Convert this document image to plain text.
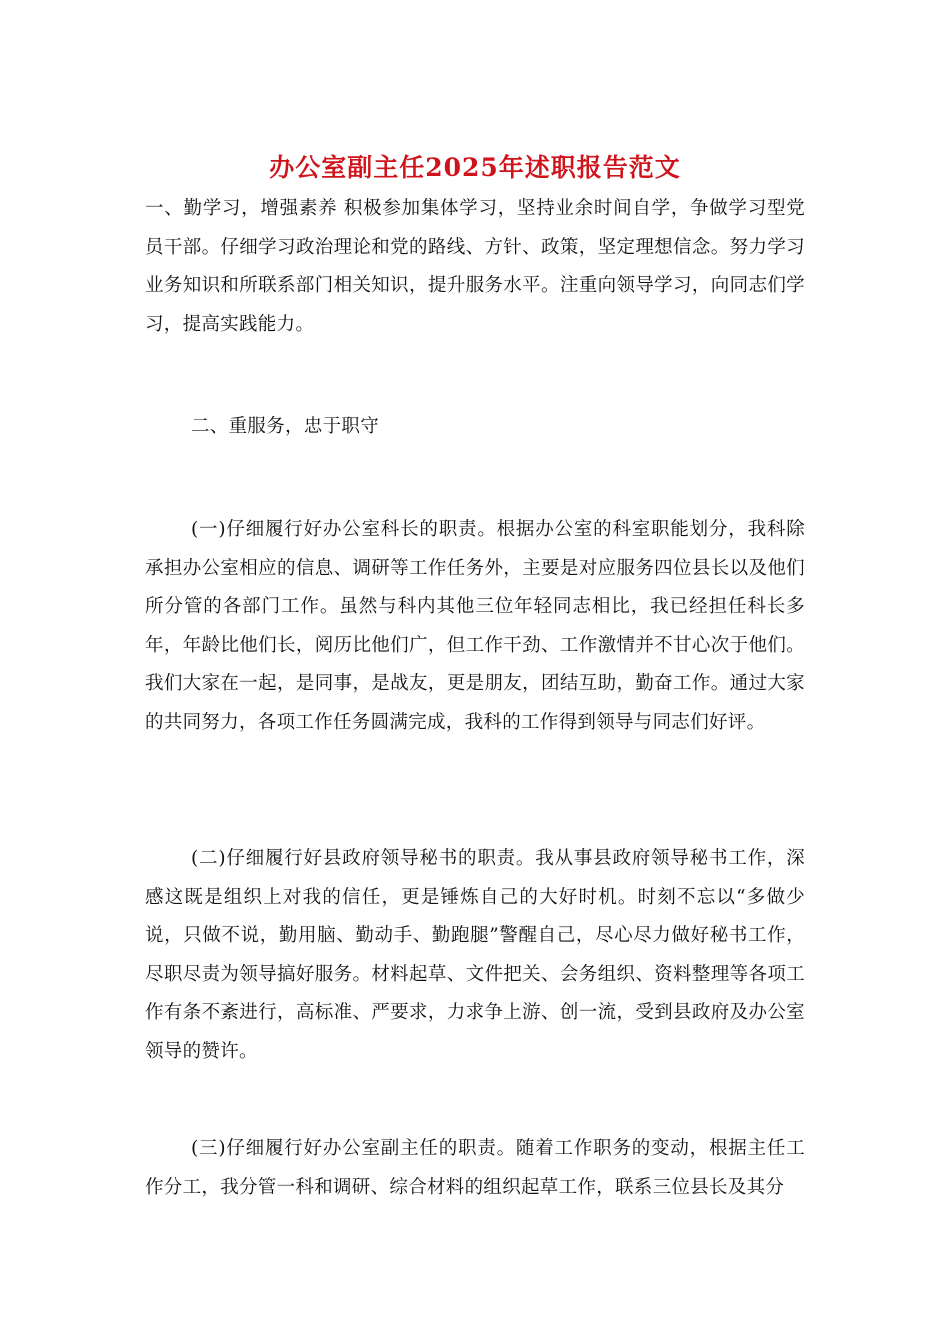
办公室副主任2025年述职报告范文

一、勤学习，增强素养 积极参加集体学习，坚持业余时间自学，争做学习型党员干部。仔细学习政治理论和党的路线、方针、政策，坚定理想信念。努力学习业务知识和所联系部门相关知识，提升服务水平。注重向领导学习，向同志们学习，提高实践能力。

二、重服务，忠于职守

(一)仔细履行好办公室科长的职责。根据办公室的科室职能划分，我科除承担办公室相应的信息、调研等工作任务外，主要是对应服务四位县长以及他们所分管的各部门工作。虽然与科内其他三位年轻同志相比，我已经担任科长多年，年龄比他们长，阅历比他们广，但工作干劲、工作激情并不甘心次于他们。我们大家在一起，是同事，是战友，更是朋友，团结互助，勤奋工作。通过大家的共同努力，各项工作任务圆满完成，我科的工作得到领导与同志们好评。

(二)仔细履行好县政府领导秘书的职责。我从事县政府领导秘书工作，深感这既是组织上对我的信任，更是锤炼自己的大好时机。时刻不忘以“多做少说，只做不说，勤用脑、勤动手、勤跑腿”警醒自己，尽心尽力做好秘书工作，尽职尽责为领导搞好服务。材料起草、文件把关、会务组织、资料整理等各项工作有条不紊进行，高标准、严要求，力求争上游、创一流，受到县政府及办公室领导的赞许。

(三)仔细履行好办公室副主任的职责。随着工作职务的变动，根据主任工作分工，我分管一科和调研、综合材料的组织起草工作，联系三位县长及其分
